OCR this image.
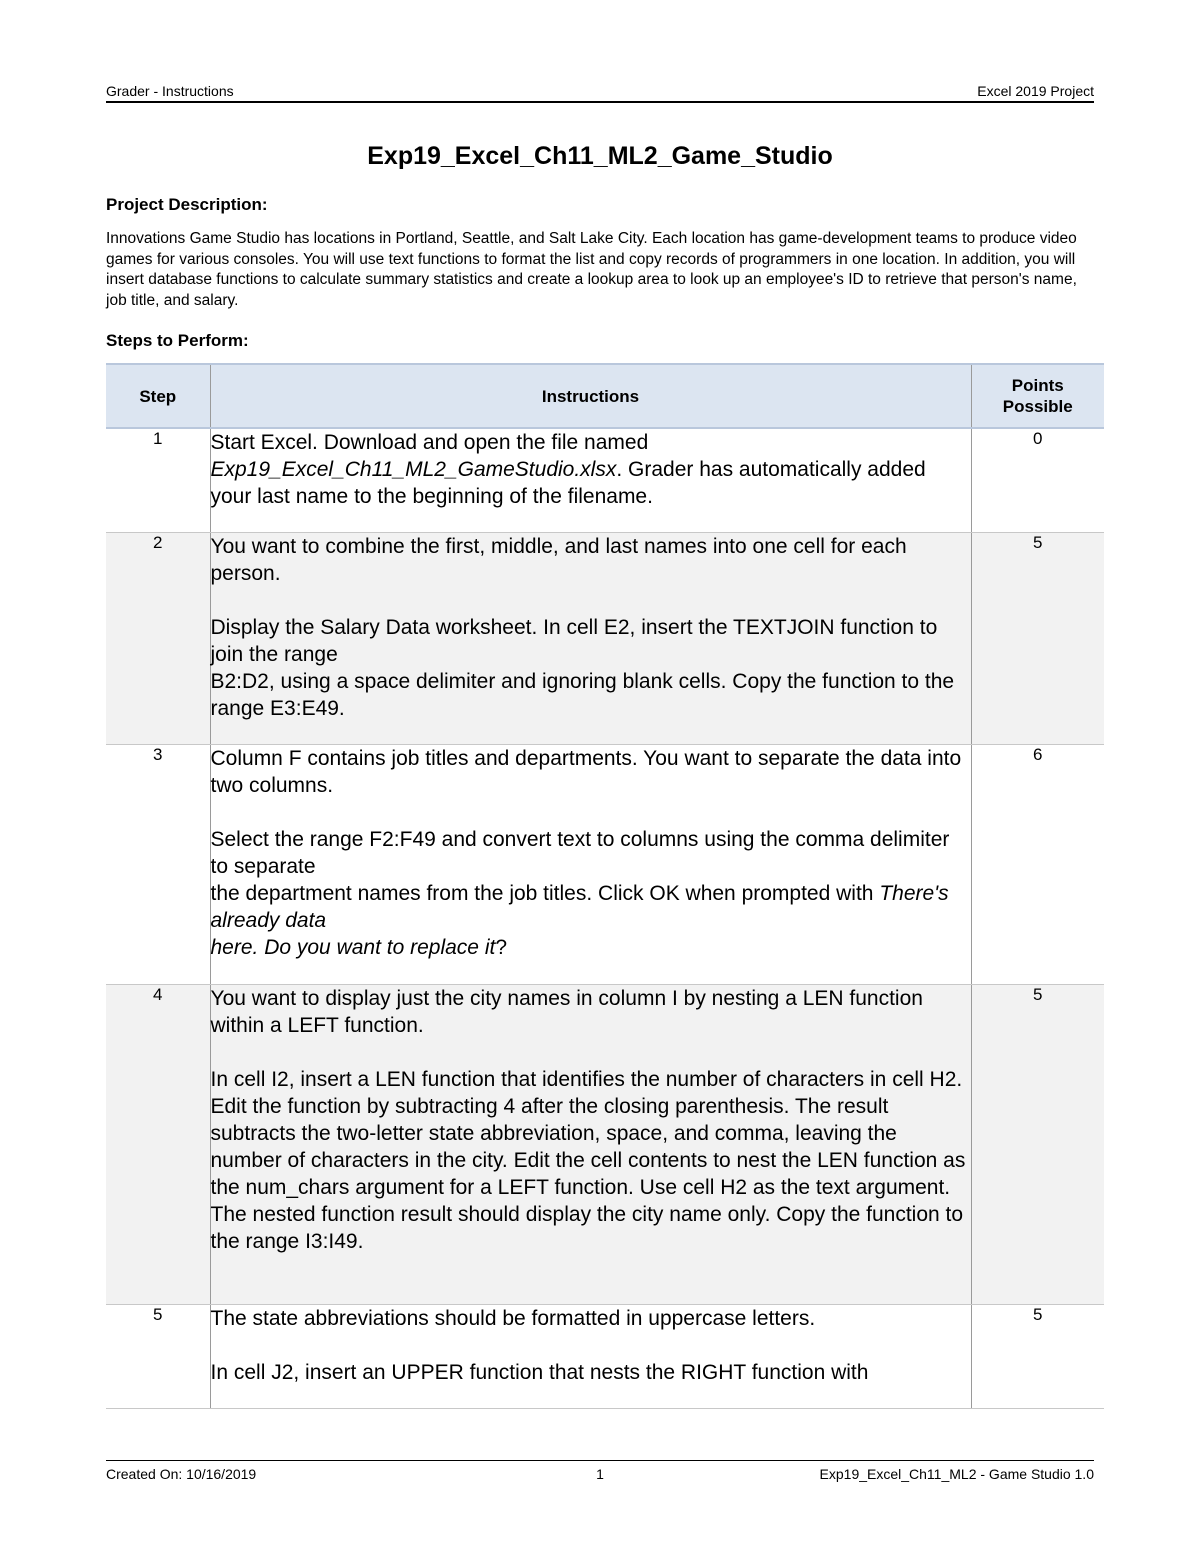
Grader - Instructions	Excel 2019 Project
Exp19_Excel_Ch11_ML2_Game_Studio
Project Description:

Innovations Game Studio has locations in Portland, Seattle, and Salt Lake City. Each location has game-development teams to produce video games for various consoles. You will use text functions to format the list and copy records of programmers in one location. In addition, you will insert database functions to calculate summary statistics and create a lookup area to look up an employee's ID to retrieve that person's name, job title, and salary.

Steps to Perform:
Step	Instructions	Points
Possible
1	Start Excel. Download and open the file named
Exp19_Excel_Ch11_ML2_GameStudio.xlsx. Grader has automatically added your last name to the beginning of the filename.	0
2	You want to combine the first, middle, and last names into one cell for each person.

Display the Salary Data worksheet. In cell E2, insert the TEXTJOIN function to join the range
B2:D2, using a space delimiter and ignoring blank cells. Copy the function to the range E3:E49.	5
3	Column F contains job titles and departments. You want to separate the data into two columns.

Select the range F2:F49 and convert text to columns using the comma delimiter to separate
the department names from the job titles. Click OK when prompted with There's already data
here. Do you want to replace it?	6
4	You want to display just the city names in column I by nesting a LEN function within a LEFT function.

In cell I2, insert a LEN function that identifies the number of characters in cell H2. Edit the function by subtracting 4 after the closing parenthesis. The result subtracts the two-letter state abbreviation, space, and comma, leaving the number of characters in the city. Edit the cell contents to nest the LEN function as the num_chars argument for a LEFT function. Use cell H2 as the text argument. The nested function result should display the city name only. Copy the function to the range I3:I49.	5
5	The state abbreviations should be formatted in uppercase letters.

In cell J2, insert an UPPER function that nests the RIGHT function with	5
Created On: 10/16/2019	1	Exp19_Excel_Ch11_ML2 - Game Studio 1.0
